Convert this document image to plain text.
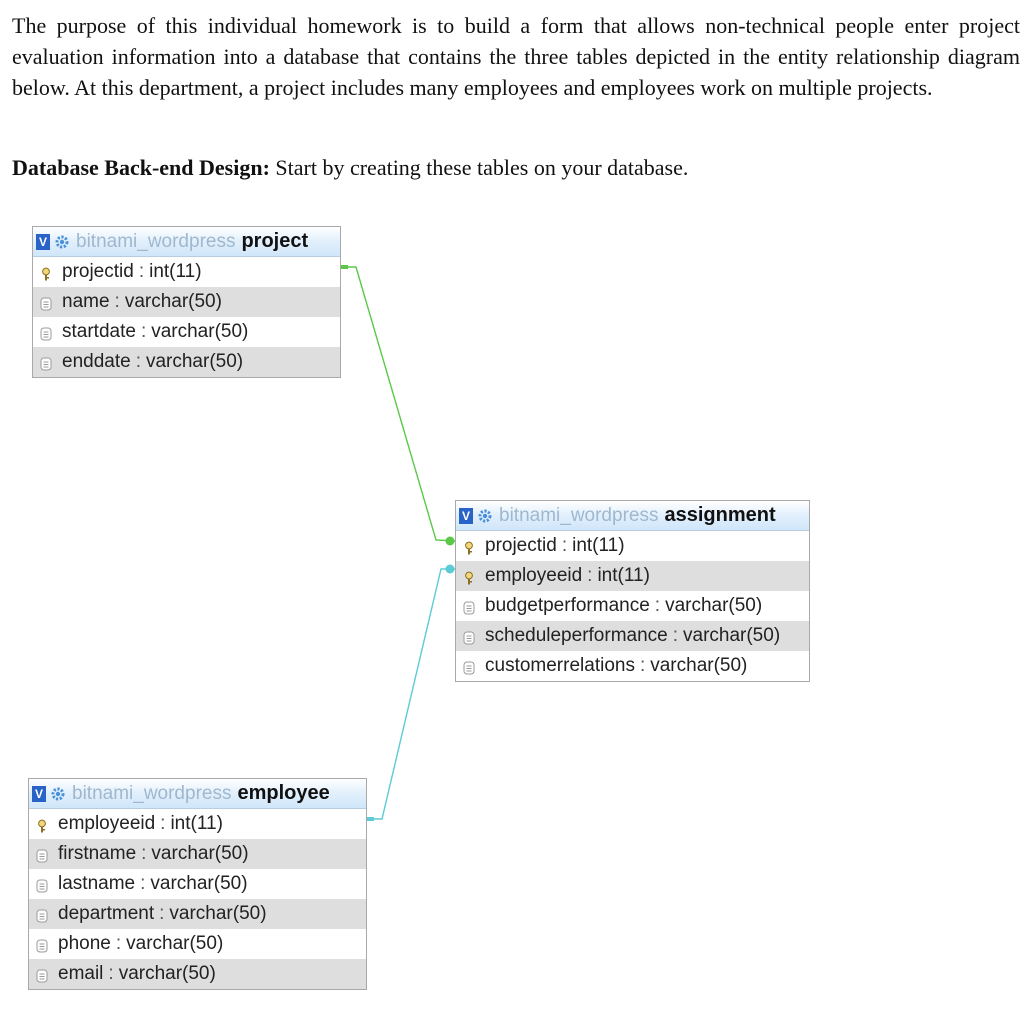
The purpose of this individual homework is to build a form that allows non-technical people enter project evaluation information into a database that contains the three tables depicted in the entity relationship diagram below. At this department, a project includes many employees and employees work on multiple projects.

Database Back-end Design: Start by creating these tables on your database.

V bitnami_wordpress project
projectid : int(11)
name : varchar(50)
startdate : varchar(50)
enddate : varchar(50)
V bitnami_wordpress assignment
projectid : int(11)
employeeid : int(11)
budgetperformance : varchar(50)
scheduleperformance : varchar(50)
customerrelations : varchar(50)
V bitnami_wordpress employee
employeeid : int(11)
firstname : varchar(50)
lastname : varchar(50)
department : varchar(50)
phone : varchar(50)
email : varchar(50)
